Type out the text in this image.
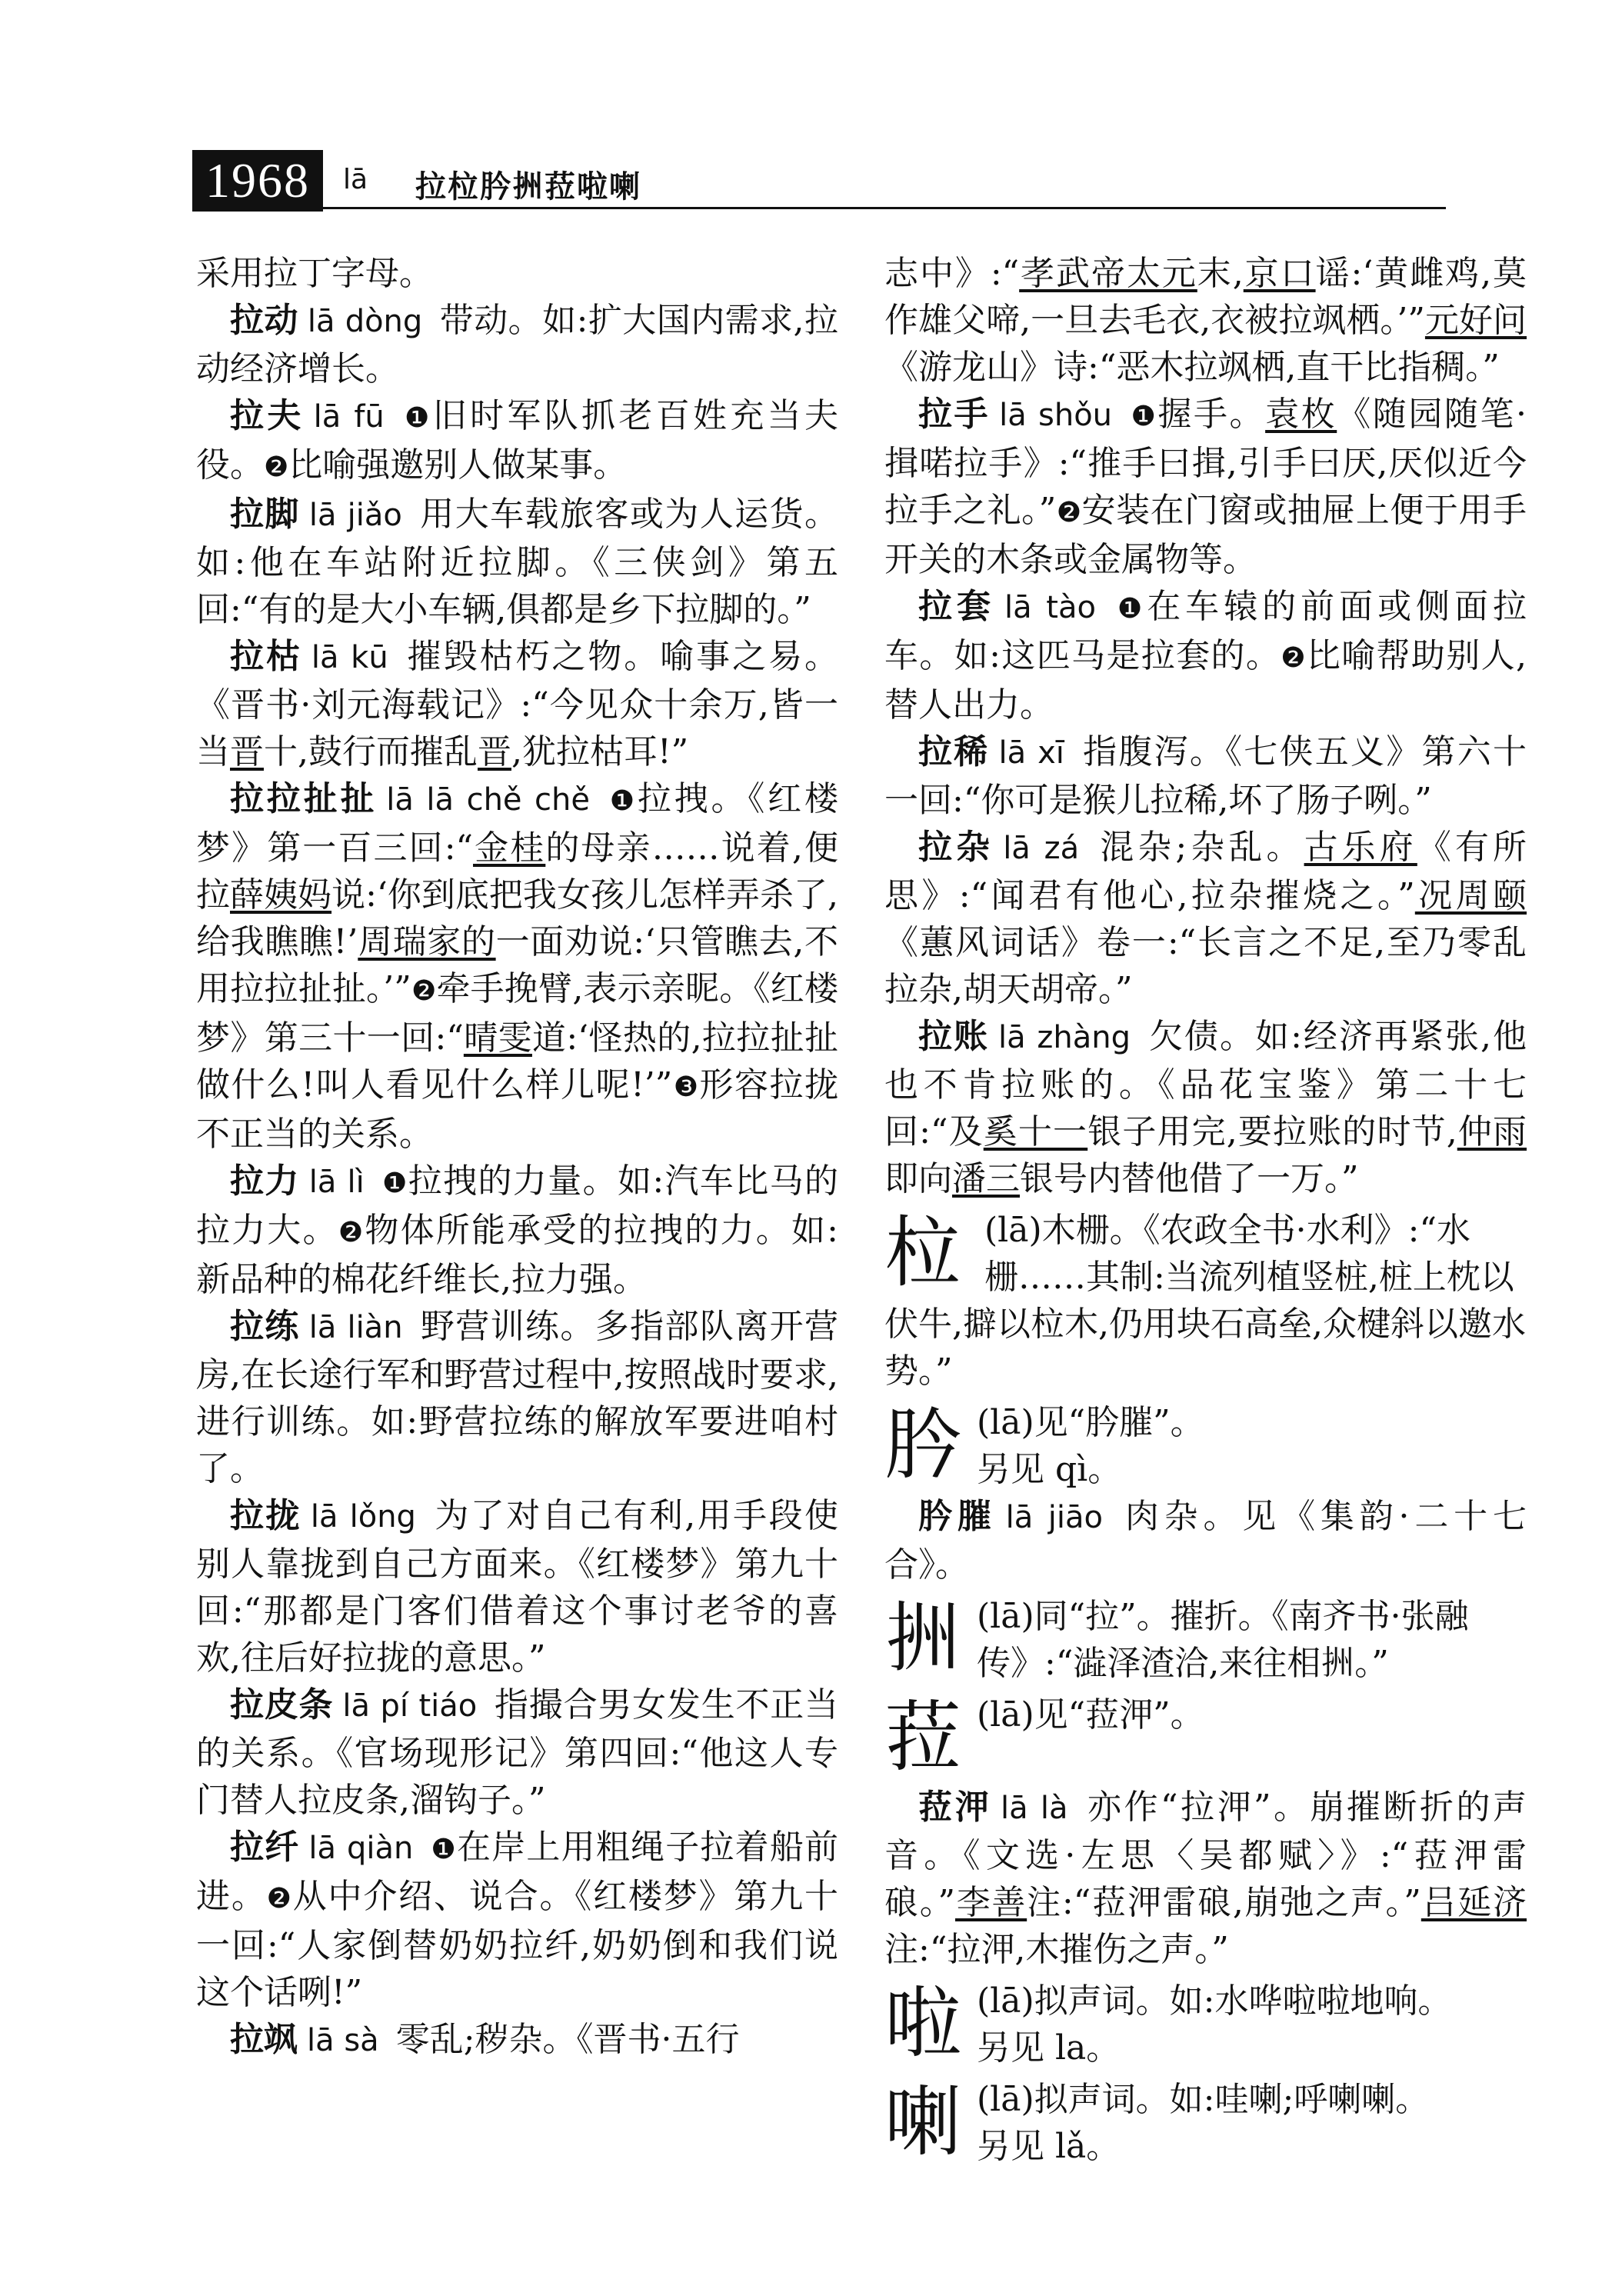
1968	lā 拉柆肣𢫧菈啦喇

采用拉丁字母。

拉动 lā dòng 带动。如:扩大国内需求,拉动经济增长。

拉夫 lā fū ❶旧时军队抓老百姓充当夫役。❷比喻强邀别人做某事。

拉脚 lā jiǎo 用大车载旅客或为人运货。如:他在车站附近拉脚。《三侠剑》第五回:“有的是大小车辆,俱都是乡下拉脚的。”

拉枯 lā kū 摧毁枯朽之物。喻事之易。《晋书·刘元海载记》:“今见众十余万,皆一当晋十,鼓行而摧乱晋,犹拉枯耳!”

拉拉扯扯 lā lā chě chě ❶拉拽。《红楼梦》第一百三回:“金桂的母亲……说着,便拉薛姨妈说:‘你到底把我女孩儿怎样弄杀了,给我瞧瞧!’周瑞家的一面劝说:‘只管瞧去,不用拉拉扯扯。’”❷牵手挽臂,表示亲昵。《红楼梦》第三十一回:“晴雯道:‘怪热的,拉拉扯扯做什么!叫人看见什么样儿呢!’”❸形容拉拢不正当的关系。

拉力 lā lì ❶拉拽的力量。如:汽车比马的拉力大。❷物体所能承受的拉拽的力。如:新品种的棉花纤维长,拉力强。

拉练 lā liàn 野营训练。多指部队离开营房,在长途行军和野营过程中,按照战时要求,进行训练。如:野营拉练的解放军要进咱村了。

拉拢 lā lǒng 为了对自己有利,用手段使别人靠拢到自己方面来。《红楼梦》第九十回:“那都是门客们借着这个事讨老爷的喜欢,往后好拉拢的意思。”

拉皮条 lā pí tiáo 指撮合男女发生不正当的关系。《官场现形记》第四回:“他这人专门替人拉皮条,溜钩子。”

拉纤 lā qiàn ❶在岸上用粗绳子拉着船前进。❷从中介绍、说合。《红楼梦》第九十一回:“人家倒替奶奶拉纤,奶奶倒和我们说这个话咧!”

拉飒 lā sà 零乱;秽杂。《晋书·五行

志中》:“孝武帝太元末,京口谣:‘黄雌鸡,莫作雄父啼,一旦去毛衣,衣被拉飒栖。’”元好问《游龙山》诗:“恶木拉飒栖,直干比指稠。”

拉手 lā shǒu ❶握手。袁枚《随园随笔·揖喏拉手》:“推手曰揖,引手曰厌,厌似近今拉手之礼。”❷安装在门窗或抽屉上便于用手开关的木条或金属物等。

拉套 lā tào ❶在车辕的前面或侧面拉车。如:这匹马是拉套的。❷比喻帮助别人,替人出力。

拉稀 lā xī 指腹泻。《七侠五义》第六十一回:“你可是猴儿拉稀,坏了肠子咧。”

拉杂 lā zá 混杂;杂乱。古乐府《有所思》:“闻君有他心,拉杂摧烧之。”况周颐《蕙风词话》卷一:“长言之不足,至乃零乱拉杂,胡天胡帝。”

拉账 lā zhàng 欠债。如:经济再紧张,他也不肯拉账的。《品花宝鉴》第二十七回:“及奚十一银子用完,要拉账的时节,仲雨即向潘三银号内替他借了一万。”

柆 (lā)木栅。《农政全书·水利》:“水栅……其制:当流列植竖桩,桩上枕以伏牛,擗以柆木,仍用块石高垒,众楗斜以邀水势。”
肣 (lā)见“肣膗”。
另见 qì。

肣膗 lā jiāo 肉杂。见《集韵·二十七合》。

𢫧 (lā)同“拉”。摧折。《南齐书·张融传》:“澁泽渣洽,来往相𢫧。”
菈 (lā)见“菈㳌”。

菈㳌 lā là 亦作“拉㳌”。崩摧断折的声音。《文选·左思〈吴都赋〉》:“菈㳌雷硠。”李善注:“菈㳌雷硠,崩弛之声。”吕延济注:“拉㳌,木摧伤之声。”

啦 (lā)拟声词。如:水哗啦啦地响。
另见 la。
喇 (lā)拟声词。如:哇喇;呼喇喇。
另见 lǎ。
